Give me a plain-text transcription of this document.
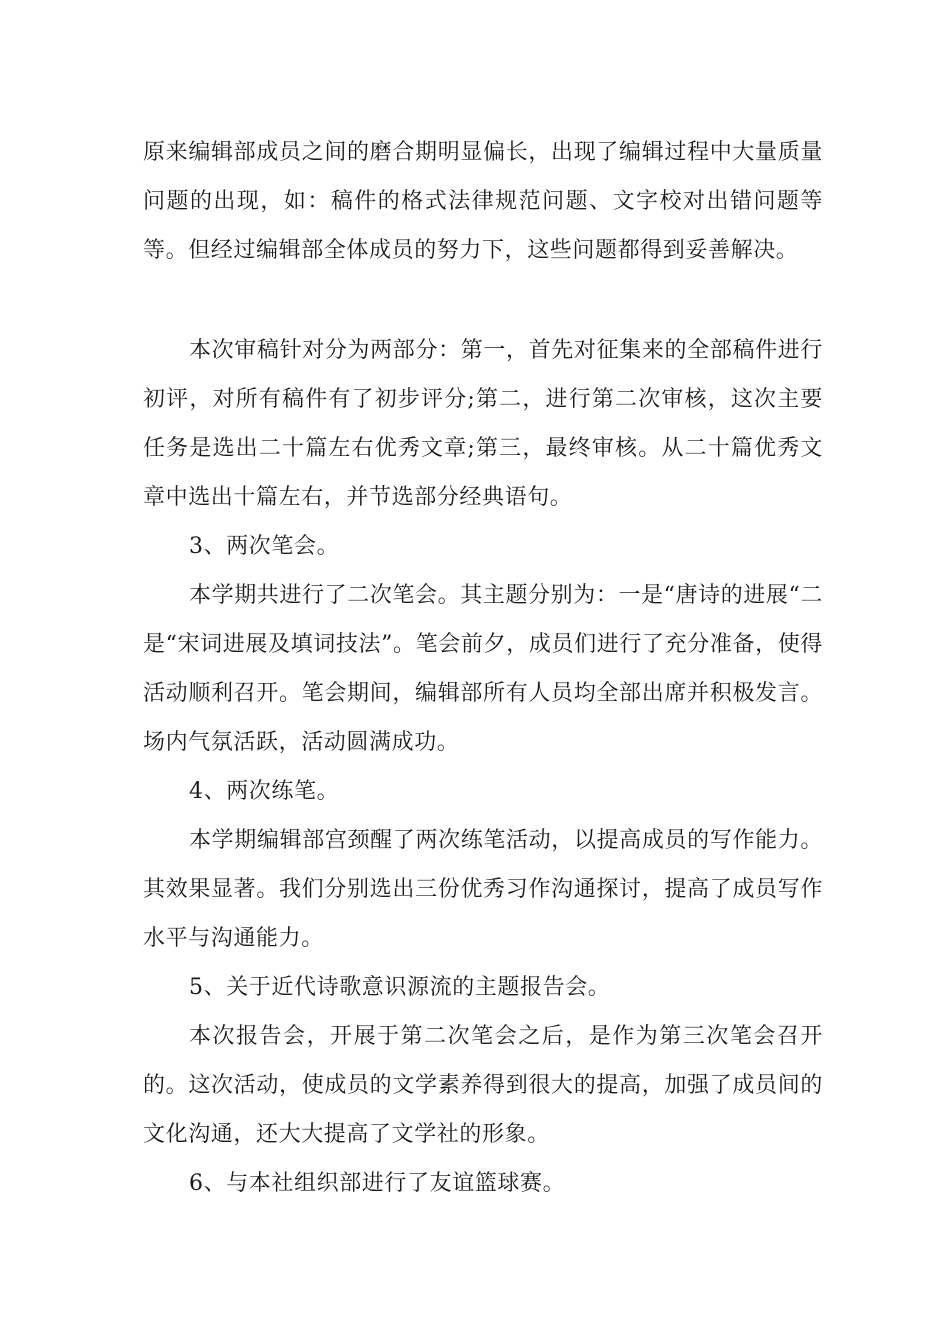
原来编辑部成员之间的磨合期明显偏长，出现了编辑过程中大量质量问题的出现，如：稿件的格式法律规范问题、文字校对出错问题等等。但经过编辑部全体成员的努力下，这些问题都得到妥善解决。

本次审稿针对分为两部分：第一，首先对征集来的全部稿件进行初评，对所有稿件有了初步评分;第二，进行第二次审核，这次主要任务是选出二十篇左右优秀文章;第三，最终审核。从二十篇优秀文章中选出十篇左右，并节选部分经典语句。

3、两次笔会。

本学期共进行了二次笔会。其主题分别为：一是“唐诗的进展“二是“宋词进展及填词技法”。笔会前夕，成员们进行了充分准备，使得活动顺利召开。笔会期间，编辑部所有人员均全部出席并积极发言。场内气氛活跃，活动圆满成功。

4、两次练笔。

本学期编辑部宫颈醒了两次练笔活动，以提高成员的写作能力。其效果显著。我们分别选出三份优秀习作沟通探讨，提高了成员写作水平与沟通能力。

5、关于近代诗歌意识源流的主题报告会。

本次报告会，开展于第二次笔会之后，是作为第三次笔会召开的。这次活动，使成员的文学素养得到很大的提高，加强了成员间的文化沟通，还大大提高了文学社的形象。

6、与本社组织部进行了友谊篮球赛。
